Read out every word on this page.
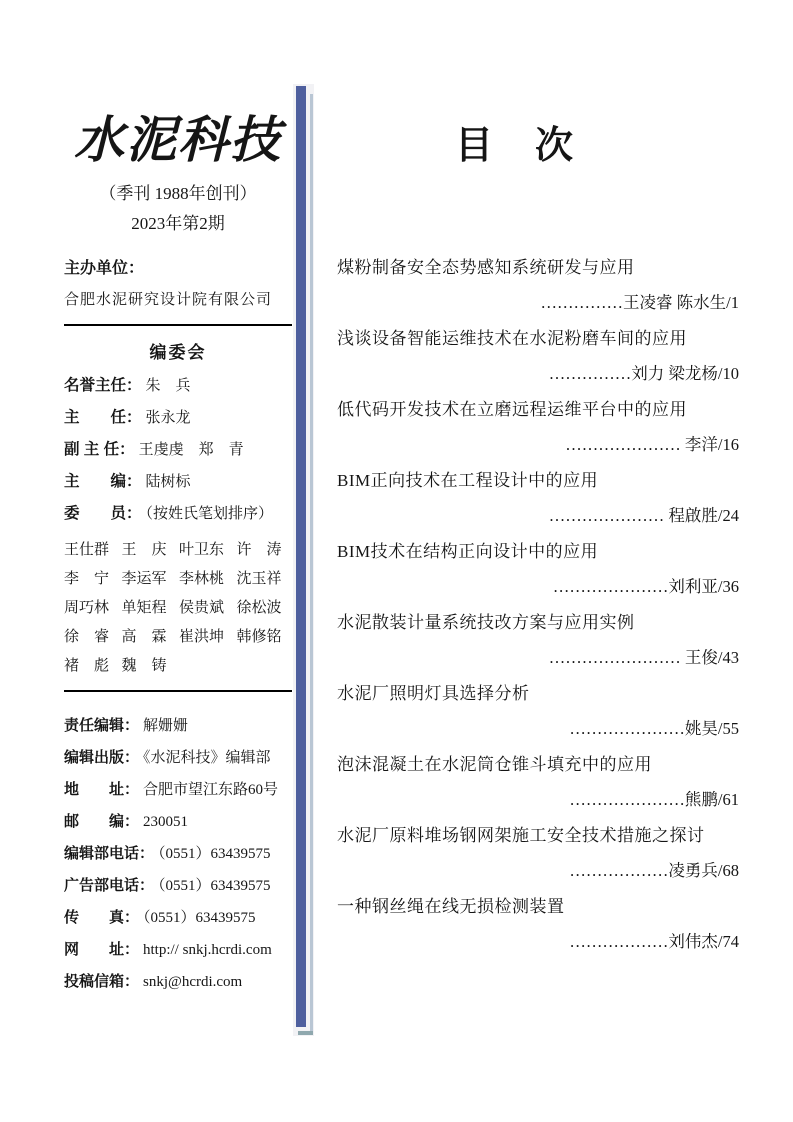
水泥科技
（季刊 1988年创刊）
2023年第2期
主办单位：
合肥水泥研究设计院有限公司
编委会
名誉主任： 朱　兵
主　　任： 张永龙
副 主 任： 王虔虔　郑　青
主　　编： 陆树标
委　　员： （按姓氏笔划排序）
王仕群 王　庆 叶卫东 许　涛
李　宁 李运军 李林桃 沈玉祥
周巧林 单矩程 侯贵斌 徐松波
徐　睿 高　霖 崔洪坤 韩修铭
褚　彪 魏　铸
责任编辑： 解姗姗
编辑出版： 《水泥科技》编辑部
地　　址： 合肥市望江东路60号
邮　　编： 230051
编辑部电话： （0551）63439575
广告部电话： （0551）63439575
传　　真： （0551）63439575
网　　址： http:// snkj.hcrdi.com
投稿信箱： snkj@hcrdi.com
目　次
煤粉制备安全态势感知系统研发与应用
……………王凌睿 陈水生/1
浅谈设备智能运维技术在水泥粉磨车间的应用
……………刘力 梁龙杨/10
低代码开发技术在立磨远程运维平台中的应用
………………… 李洋/16
BIM正向技术在工程设计中的应用
………………… 程啟胜/24
BIM技术在结构正向设计中的应用
…………………刘利亚/36
水泥散装计量系统技改方案与应用实例
…………………… 王俊/43
水泥厂照明灯具选择分析
…………………姚昊/55
泡沫混凝土在水泥筒仓锥斗填充中的应用
…………………熊鹏/61
水泥厂原料堆场钢网架施工安全技术措施之探讨
………………凌勇兵/68
一种钢丝绳在线无损检测装置
………………刘伟杰/74
